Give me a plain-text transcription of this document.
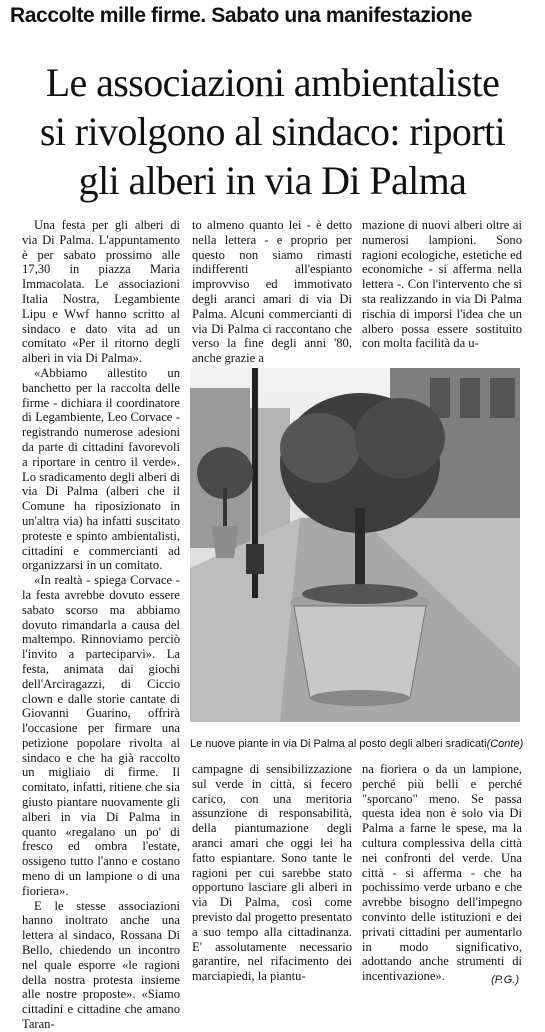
Raccolte mille firme. Sabato una manifestazione
Le associazioni ambientaliste
si rivolgono al sindaco: riporti
gli alberi in via Di Palma

Una festa per gli alberi di via Di Palma. L'appuntamento è per sabato prossimo alle 17,30 in piazza Maria Immacolata. Le associazioni Italia Nostra, Legambiente Lipu e Wwf hanno scritto al sindaco e dato vita ad un comitato «Per il ritorno degli alberi in via Di Palma».

«Abbiamo allestito un banchetto per la raccolta delle firme - dichiara il coordinatore di Legambiente, Leo Corvace - registrando numerose adesioni da parte di cittadini favorevoli a riportare in centro il verde». Lo sradicamento degli alberi di via Di Palma (alberi che il Comune ha riposizionato in un'altra via) ha infatti suscitato proteste e spinto ambientalisti, cittadini e commercianti ad organizzarsi in un comitato.

«In realtà - spiega Corvace - la festa avrebbe dovuto essere sabato scorso ma abbiamo dovuto rimandarla a causa del maltempo. Rinnoviamo perciò l'invito a parteciparvi». La festa, animata dai giochi dell'Arciragazzi, di Ciccio clown e dalle storie cantate di Giovanni Guarino, offrirà l'occasione per firmare una petizione popolare rivolta al sindaco e che ha già raccolto un migliaio di firme. Il comitato, infatti, ritiene che sia giusto piantare nuovamente gli alberi in via Di Palma in quanto «regalano un po' di fresco ed ombra l'estate, ossigeno tutto l'anno e costano meno di un lampione o di una fioriera».

E le stesse associazioni hanno inoltrato anche una lettera al sindaco, Rossana Di Bello, chiedendo un incontro nel quale esporre «le ragioni della nostra protesta insieme alle nostre proposte». «Siamo cittadini e cittadine che amano Taran-

to almeno quanto lei - è detto nella lettera - e proprio per questo non siamo rimasti indifferenti all'espianto improvviso ed immotivato degli aranci amari di via Di Palma. Alcuni commercianti di via Di Palma ci raccontano che verso la fine degli anni '80, anche grazie a

mazione di nuovi alberi oltre ai numerosi lampioni. Sono ragioni ecologiche, estetiche ed economiche - si afferma nella lettera -. Con l'intervento che si sta realizzando in via Di Palma rischia di imporsi l'idea che un albero possa essere sostituito con molta facilità da u-

Le nuove piante in via Di Palma al posto degli alberi sradicati(Conte)

campagne di sensibilizzazione sul verde in città, si fecero carico, con una meritoria assunzione di responsabilità, della piantumazione degli aranci amari che oggi lei ha fatto espiantare. Sono tante le ragioni per cui sarebbe stato opportuno lasciare gli alberi in via Di Palma, così come previsto dal progetto presentato a suo tempo alla cittadinanza. E' assolutamente necessario garantire, nel rifacimento dei marciapiedi, la piantu-

na fioriera o da un lampione, perché più belli e perché "sporcano" meno. Se passa questa idea non è solo via Di Palma a farne le spese, ma la cultura complessiva della città nei confronti del verde. Una città - si afferma - che ha pochissimo verde urbano e che avrebbe bisogno dell'impegno convinto delle istituzioni e dei privati cittadini per aumentarlo in modo significativo, adottando anche strumenti di incentivazione».	(P.G.)
